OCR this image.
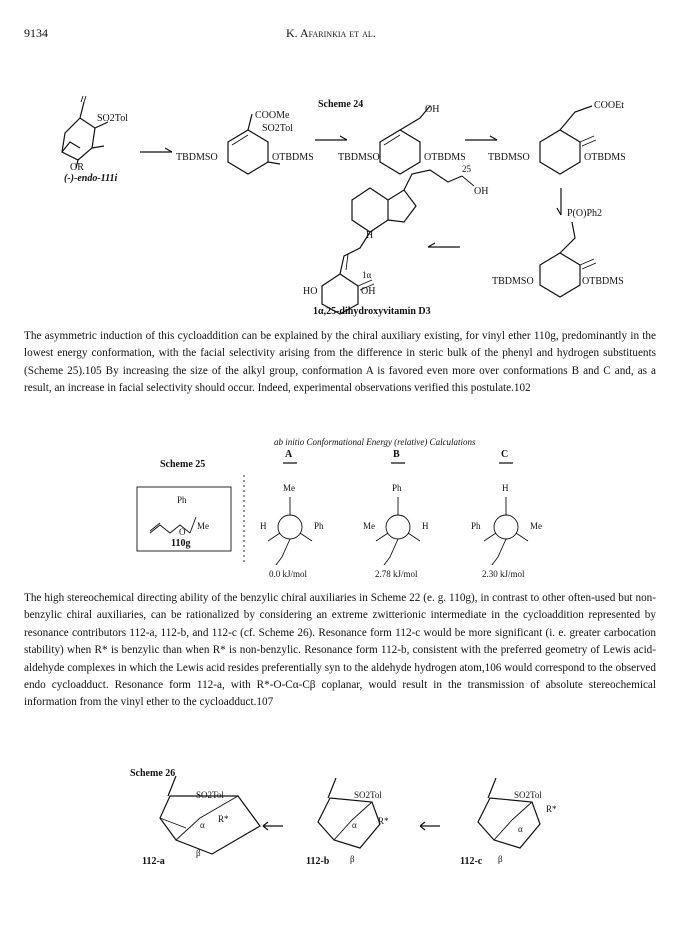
9134	K. Afarinkia et al.
Scheme 24
SO2Tol
OR
(-)-endo-111i
COOMe
SO2Tol
TBDMSO	OTBDMS
OH
TBDMSO	OTBDMS
COOEt
TBDMSO	OTBDMS
P(O)Ph2
TBDMSO	OTBDMS
25
OH
H
1α
HO	OH
1α,25-dihydroxyvitamin D3
The asymmetric induction of this cycloaddition can be explained by the chiral auxiliary existing, for vinyl ether 110g, predominantly in the lowest energy conformation, with the facial selectivity arising from the difference in steric bulk of the phenyl and hydrogen substituents (Scheme 25).105 By increasing the size of the alkyl group, conformation A is favored even more over conformations B and C and, as a result, an increase in facial selectivity should occur. Indeed, experimental observations verified this postulate.102
ab initio Conformational Energy (relative) Calculations
Scheme 25
Ph
O
Me
110g
A
Me
H	Ph
0.0 kJ/mol
B
Ph
Me	H
2.78 kJ/mol
C
H
Ph	Me
2.30 kJ/mol
The high stereochemical directing ability of the benzylic chiral auxiliaries in Scheme 22 (e. g. 110g), in contrast to other often-used but non-benzylic chiral auxiliaries, can be rationalized by considering an extreme zwitterionic intermediate in the cycloaddition represented by resonance contributors 112-a, 112-b, and 112-c (cf. Scheme 26). Resonance form 112-c would be more significant (i. e. greater carbocation stability) when R* is benzylic than when R* is non-benzylic. Resonance form 112-b, consistent with the preferred geometry of Lewis acid-aldehyde complexes in which the Lewis acid resides preferentially syn to the aldehyde hydrogen atom,106 would correspond to the observed endo cycloadduct. Resonance form 112-a, with R*-O-Cα-Cβ coplanar, would result in the transmission of absolute stereochemical information from the vinyl ether to the cycloadduct.107
Scheme 26
SO2Tol
R*
α
β
112-a
SO2Tol
R*
α
β
112-b
SO2Tol
R*
α
β
112-c
